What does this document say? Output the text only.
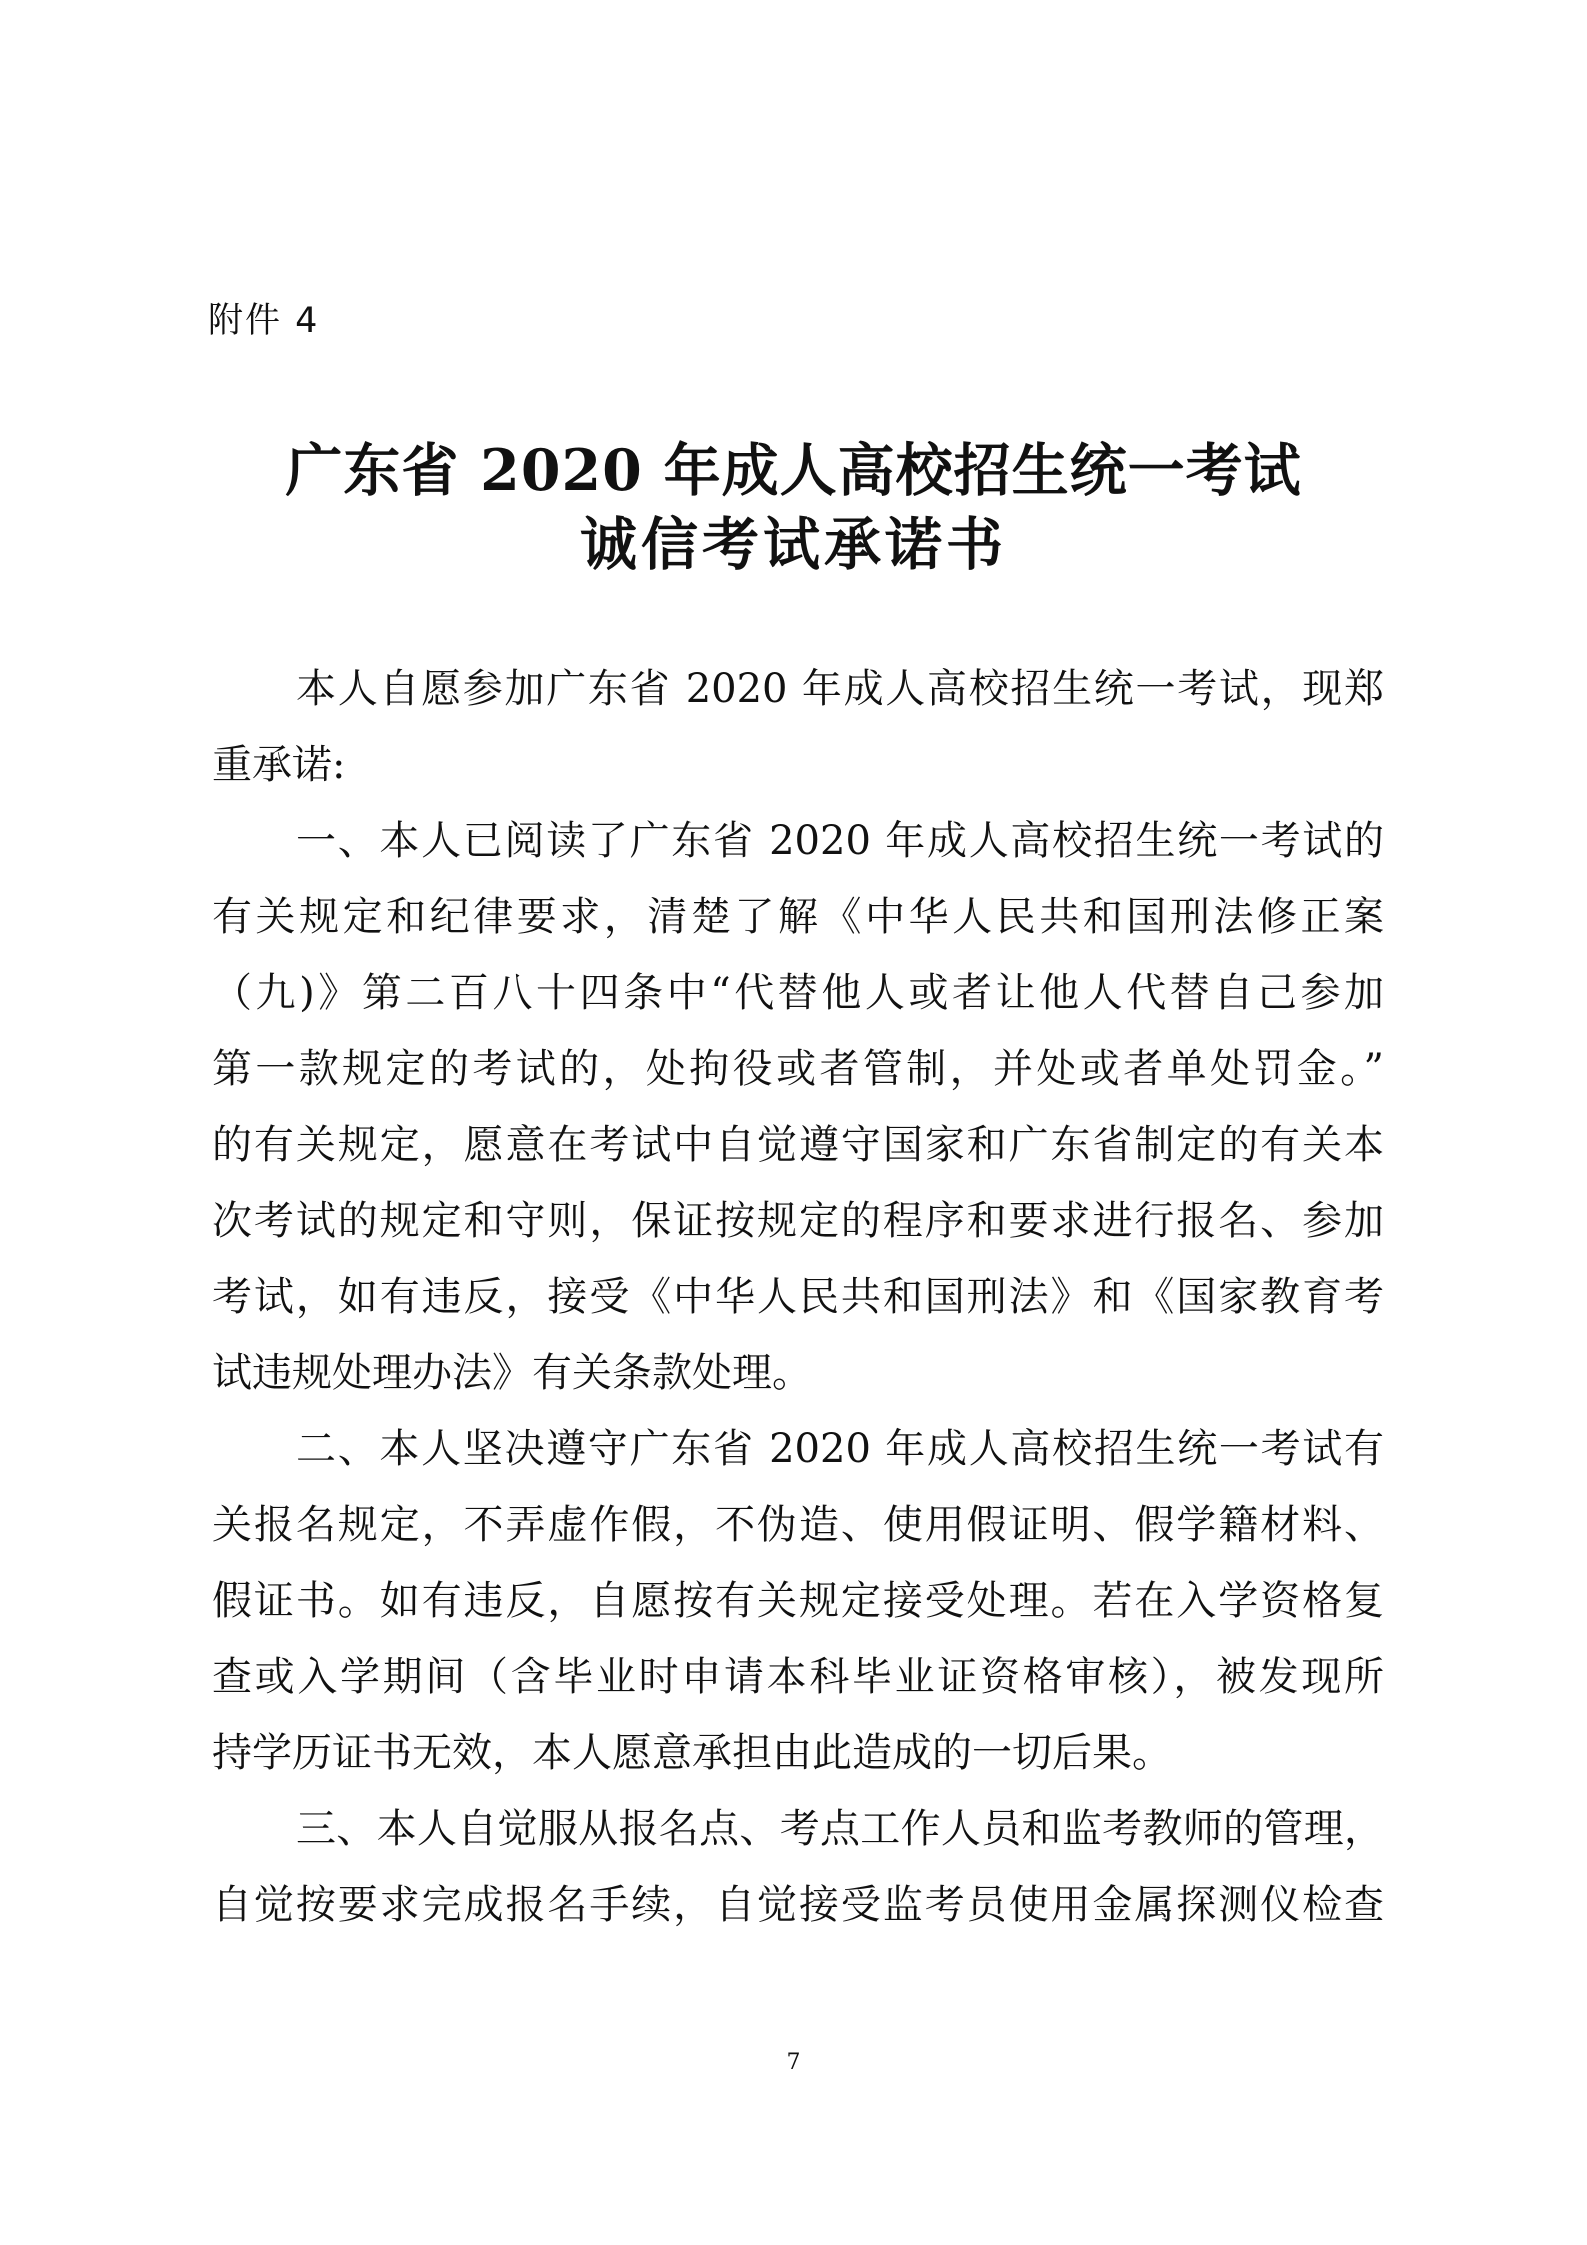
附件 4
广东省 2020 年成人高校招生统一考试
诚信考试承诺书
本人自愿参加广东省 2020 年成人高校招生统一考试，现郑
重承诺:
一、本人已阅读了广东省 2020 年成人高校招生统一考试的
有关规定和纪律要求，清楚了解《中华人民共和国刑法修正案
（九)》第二百八十四条中“代替他人或者让他人代替自己参加
第一款规定的考试的，处拘役或者管制，并处或者单处罚金。”
的有关规定，愿意在考试中自觉遵守国家和广东省制定的有关本
次考试的规定和守则，保证按规定的程序和要求进行报名、参加
考试，如有违反，接受《中华人民共和国刑法》和《国家教育考
试违规处理办法》有关条款处理。
二、本人坚决遵守广东省 2020 年成人高校招生统一考试有
关报名规定，不弄虚作假，不伪造、使用假证明、假学籍材料、
假证书。如有违反，自愿按有关规定接受处理。若在入学资格复
查或入学期间（含毕业时申请本科毕业证资格审核），被发现所
持学历证书无效，本人愿意承担由此造成的一切后果。
三、本人自觉服从报名点、考点工作人员和监考教师的管理，
自觉按要求完成报名手续，自觉接受监考员使用金属探测仪检查
7
